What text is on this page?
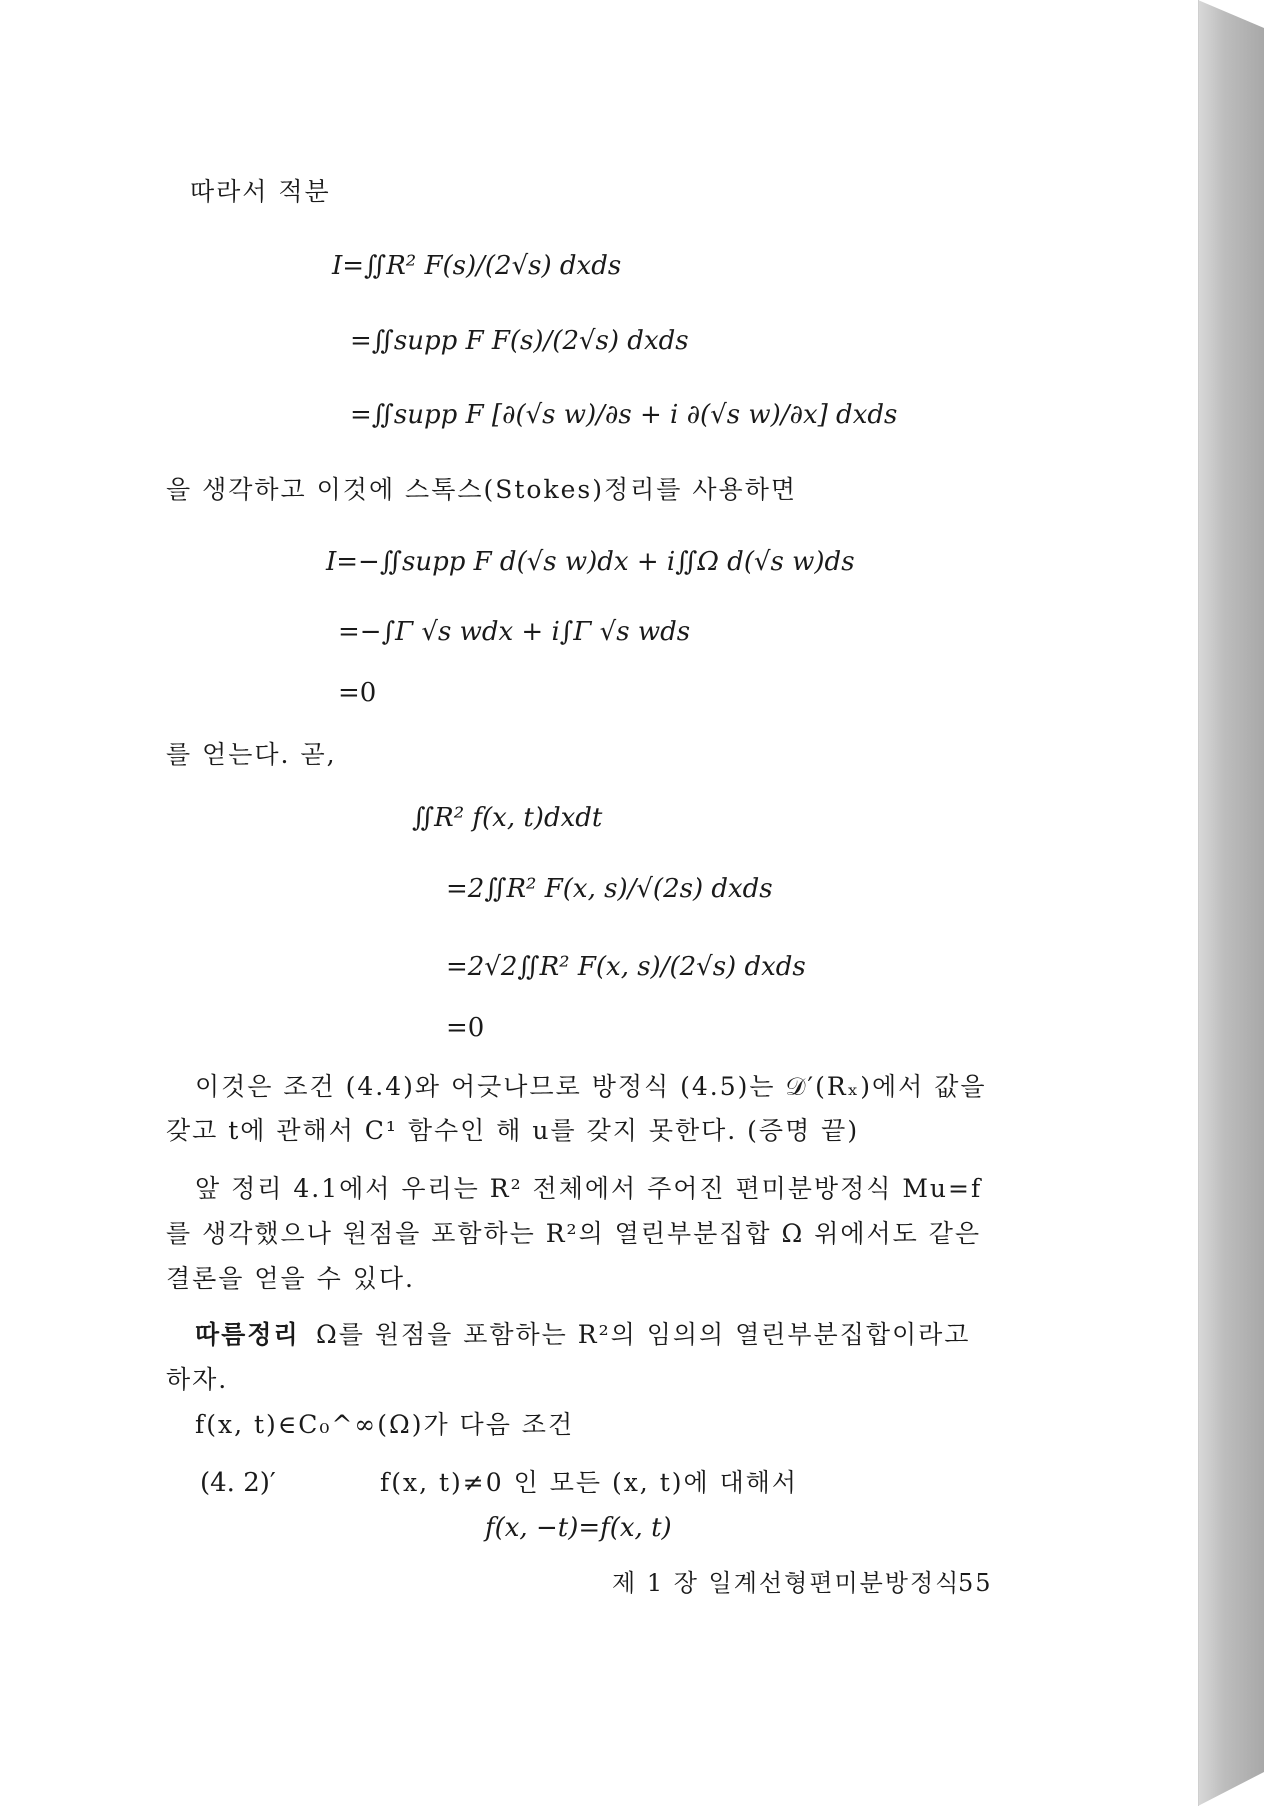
따라서 적분
I=∬R² F(s)/(2√s) dxds
=∬supp F F(s)/(2√s) dxds
=∬supp F [∂(√s w)/∂s + i ∂(√s w)/∂x] dxds
을 생각하고 이것에 스톡스(Stokes)정리를 사용하면
I=−∬supp F d(√s w)dx + i∬Ω d(√s w)ds
=−∫Γ √s wdx + i∫Γ √s wds
=0
를 얻는다. 곧,
∬R² f(x, t)dxdt
=2∬R² F(x, s)/√(2s) dxds
=2√2∬R² F(x, s)/(2√s) dxds
=0
이것은 조건 (4.4)와 어긋나므로 방정식 (4.5)는 𝒟′(Rₓ)에서 값을
갖고 t에 관해서 C¹ 함수인 해 u를 갖지 못한다. (증명 끝)
앞 정리 4.1에서 우리는 R² 전체에서 주어진 편미분방정식 Mu=f
를 생각했으나 원점을 포함하는 R²의 열린부분집합 Ω 위에서도 같은
결론을 얻을 수 있다.
따름정리 Ω를 원점을 포함하는 R²의 임의의 열린부분집합이라고
하자.
f(x, t)∈C₀^∞(Ω)가 다음 조건
(4. 2)′	f(x, t)≠0 인 모든 (x, t)에 대해서
f(x, −t)=f(x, t)
제 1 장 일계선형편미분방정식
55
